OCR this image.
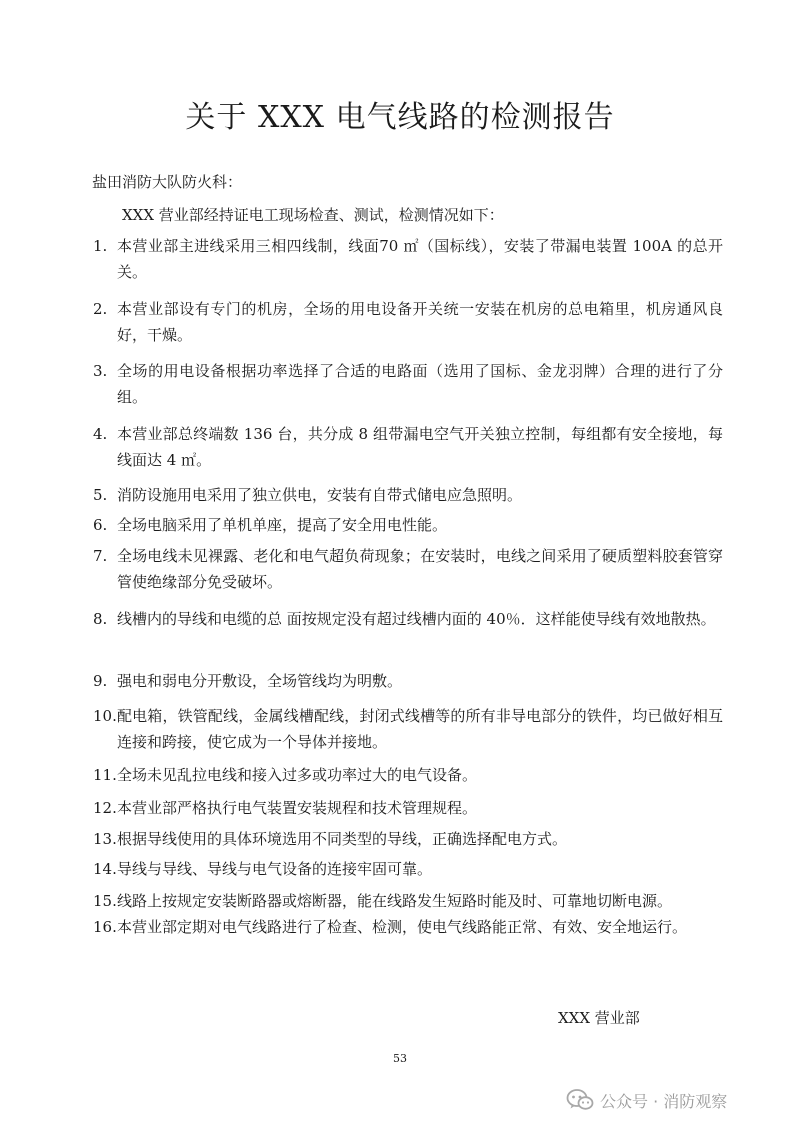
关于 XXX 电气线路的检测报告
盐田消防大队防火科：
XXX 营业部经持证电工现场检查、测试，检测情况如下：
1. 本营业部主进线采用三相四线制，线面70 ㎡（国标线），安装了带漏电装置 100A 的总开关。
2. 本营业部设有专门的机房，全场的用电设备开关统一安装在机房的总电箱里，机房通风良好，干燥。
3. 全场的用电设备根据功率选择了合适的电路面（选用了国标、金龙羽牌）合理的进行了分组。
4. 本营业部总终端数 136 台，共分成 8 组带漏电空气开关独立控制，每组都有安全接地，每线面达 4 ㎡。
5. 消防设施用电采用了独立供电，安装有自带式储电应急照明。
6. 全场电脑采用了单机单座，提高了安全用电性能。
7. 全场电线未见裸露、老化和电气超负荷现象；在安装时，电线之间采用了硬质塑料胶套管穿管使绝缘部分免受破坏。
8. 线槽内的导线和电缆的总 面按规定没有超过线槽内面的 40％．这样能使导线有效地散热。
9. 强电和弱电分开敷设，全场管线均为明敷。
10. 配电箱，铁管配线，金属线槽配线，封闭式线槽等的所有非导电部分的铁件，均已做好相互连接和跨接，使它成为一个导体并接地。
11. 全场未见乱拉电线和接入过多或功率过大的电气设备。
12. 本营业部严格执行电气装置安装规程和技术管理规程。
13. 根据导线使用的具体环境选用不同类型的导线，正确选择配电方式。
14. 导线与导线、导线与电气设备的连接牢固可靠。
15. 线路上按规定安装断路器或熔断器，能在线路发生短路时能及时、可靠地切断电源。
16. 本营业部定期对电气线路进行了检查、检测，使电气线路能正常、有效、安全地运行。
XXX 营业部
53
公众号 · 消防观察
